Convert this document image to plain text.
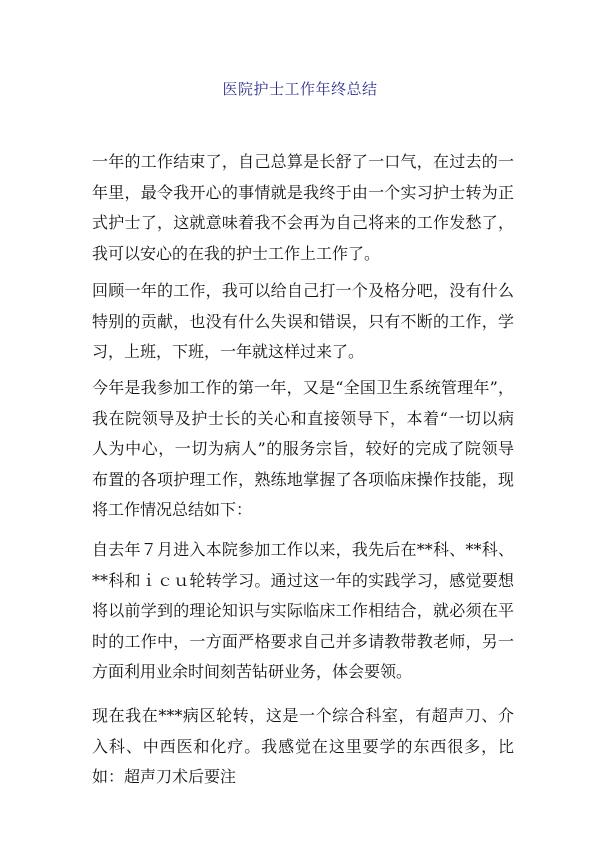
医院护士工作年终总结

一年的工作结束了，自己总算是长舒了一口气，在过去的一年里，最令我开心的事情就是我终于由一个实习护士转为正式护士了，这就意味着我不会再为自己将来的工作发愁了，我可以安心的在我的护士工作上工作了。

回顾一年的工作，我可以给自己打一个及格分吧，没有什么特别的贡献，也没有什么失误和错误，只有不断的工作，学习，上班，下班，一年就这样过来了。

今年是我参加工作的第一年，又是“全国卫生系统管理年”，我在院领导及护士长的关心和直接领导下，本着“一切以病人为中心，一切为病人”的服务宗旨，较好的完成了院领导布置的各项护理工作，熟练地掌握了各项临床操作技能，现将工作情况总结如下：

自去年７月进入本院参加工作以来，我先后在**科、**科、**科和ｉｃｕ轮转学习。通过这一年的实践学习，感觉要想将以前学到的理论知识与实际临床工作相结合，就必须在平时的工作中，一方面严格要求自己并多请教带教老师，另一方面利用业余时间刻苦钻研业务，体会要领。

现在我在***病区轮转，这是一个综合科室，有超声刀、介入科、中西医和化疗。我感觉在这里要学的东西很多，比如：超声刀术后要注
